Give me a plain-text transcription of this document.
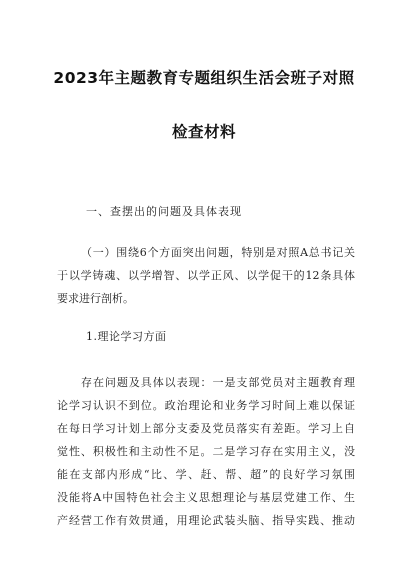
2023年主题教育专题组织生活会班子对照
检查材料
一、查摆出的问题及具体表现
（一）围绕6个方面突出问题，特别是对照A总书记关
于以学铸魂、以学增智、以学正风、以学促干的12条具体
要求进行剖析。
1.理论学习方面
存在问题及具体以表现：一是支部党员对主题教育理
论学习认识不到位。政治理论和业务学习时间上难以保证
在每日学习计划上部分支委及党员落实有差距。学习上自
觉性、积极性和主动性不足。二是学习存在实用主义，没
能在支部内形成“比、学、赶、帮、超”的良好学习氛围
没能将A中国特色社会主义思想理论与基层党建工作、生
产经营工作有效贯通，用理论武装头脑、指导实践、推动
